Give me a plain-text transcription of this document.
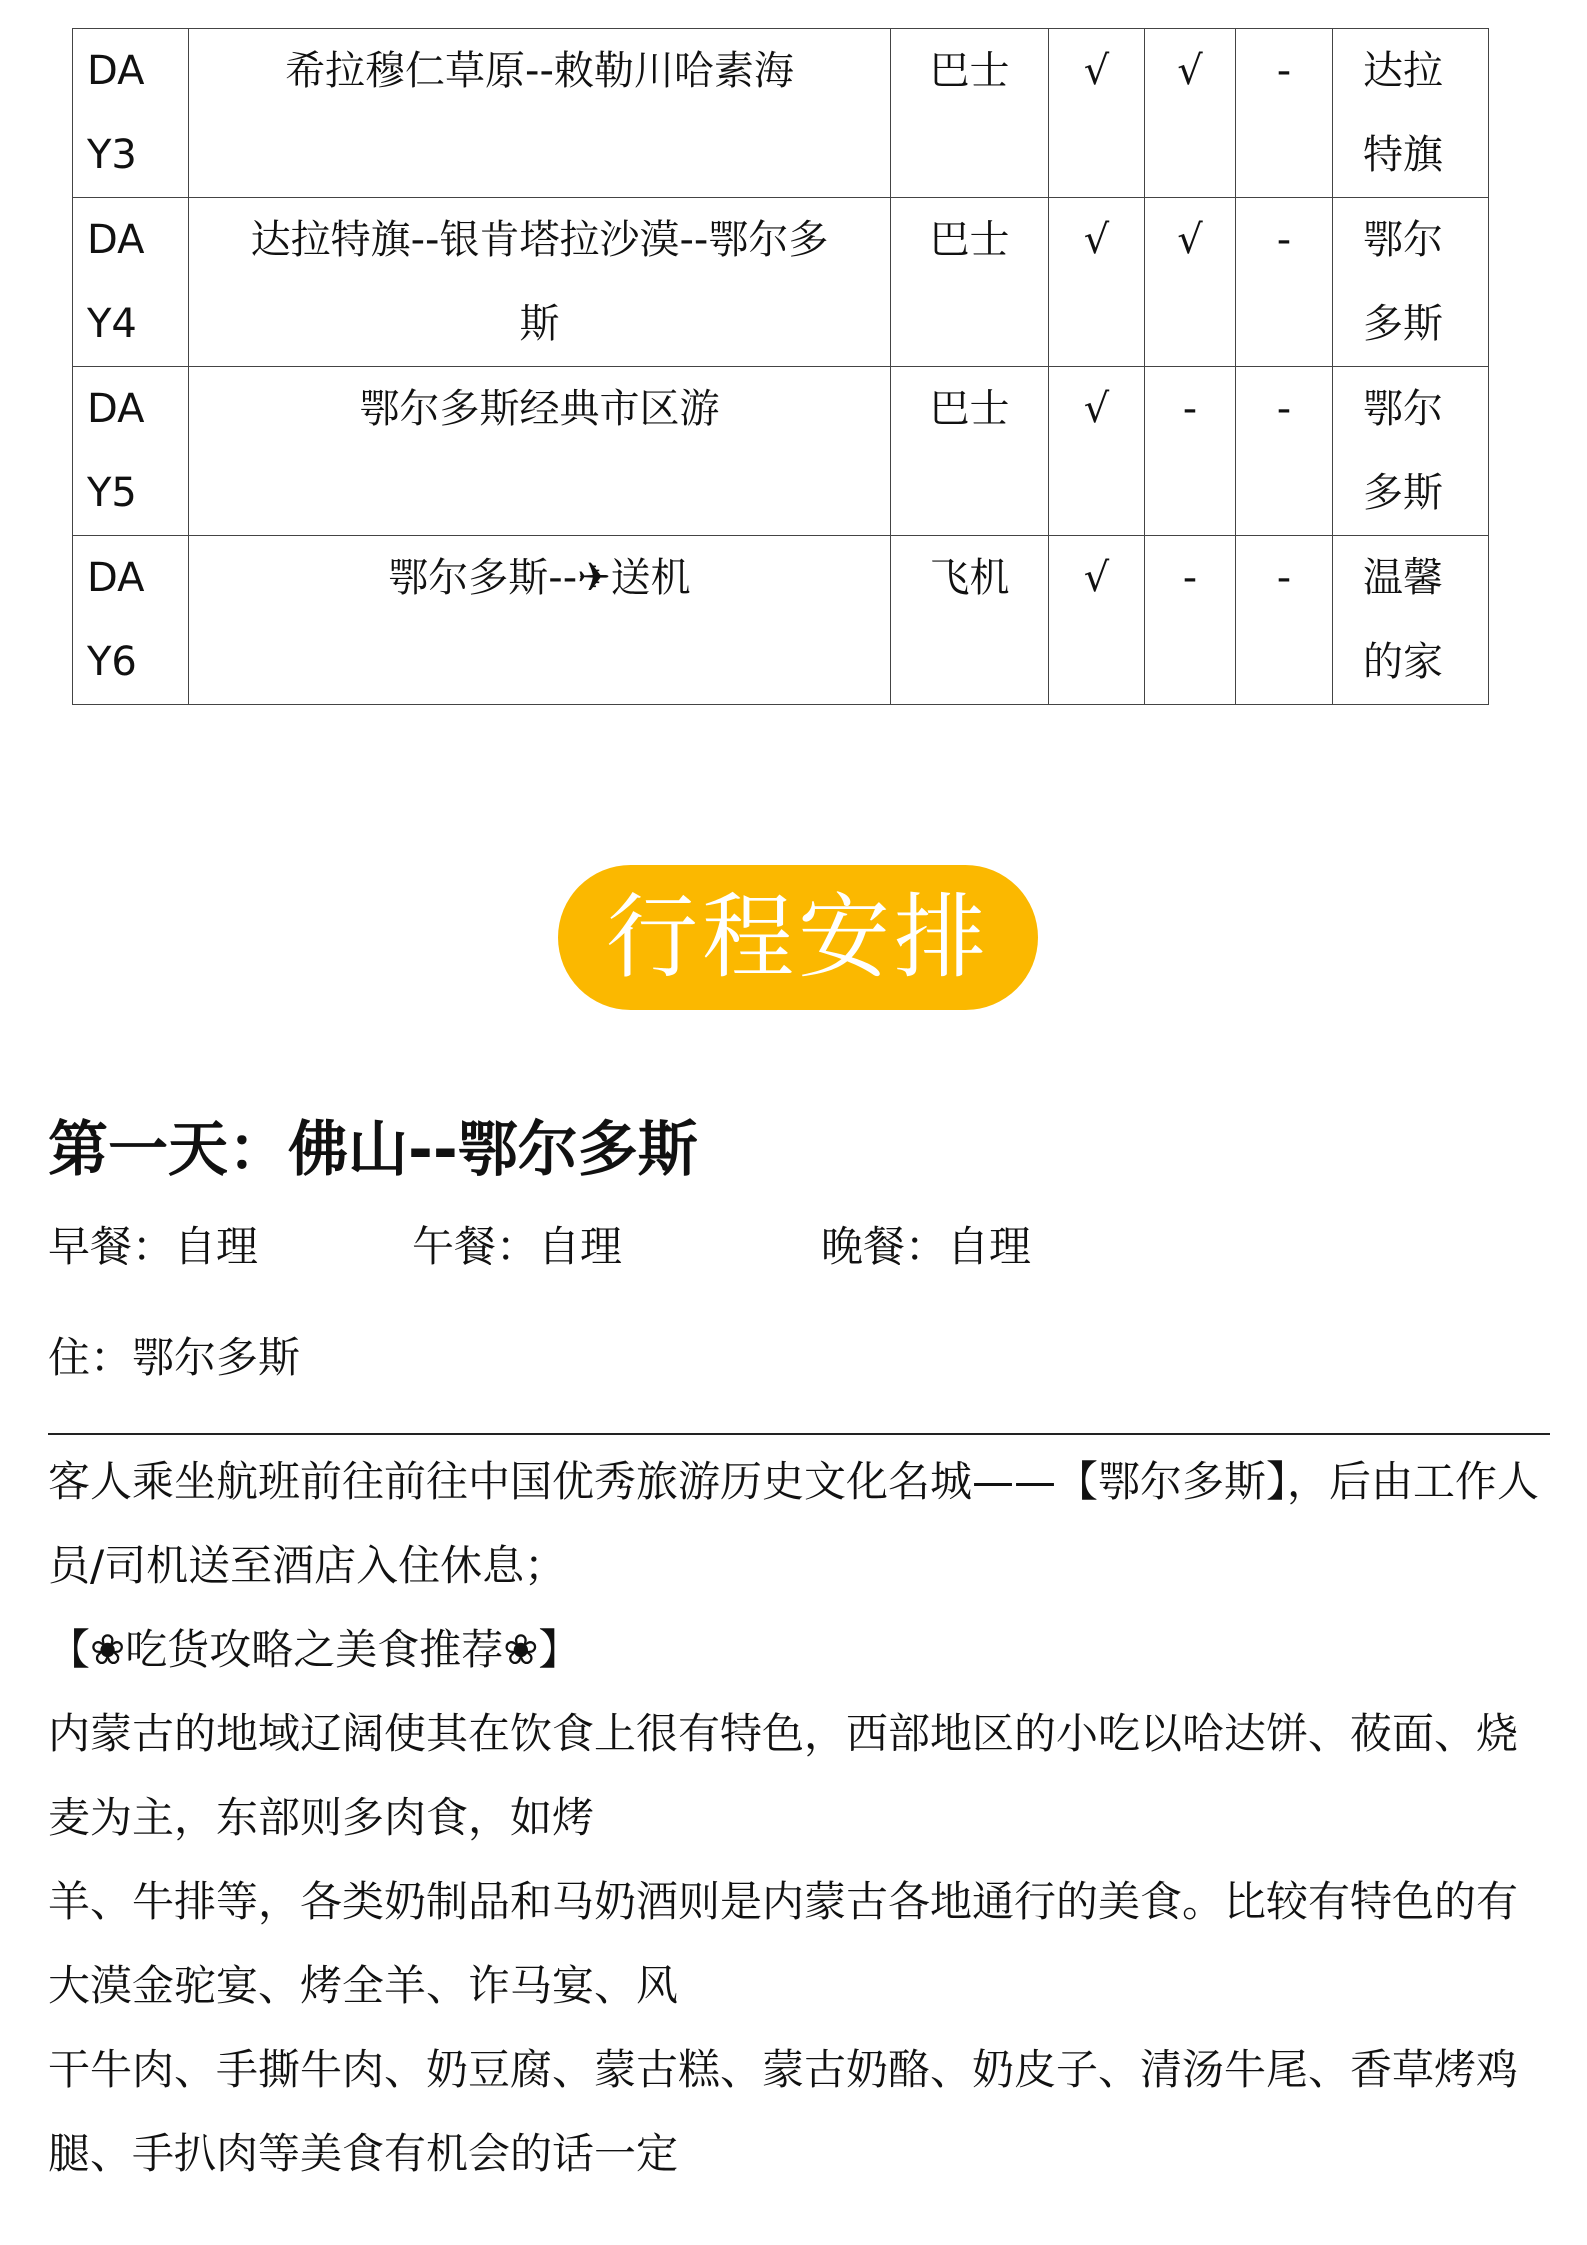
DA
Y3	希拉穆仁草原--敕勒川哈素海	巴士	√	√	-	达拉
特旗
DA
Y4	达拉特旗--银肯塔拉沙漠--鄂尔多
斯	巴士	√	√	-	鄂尔
多斯
DA
Y5	鄂尔多斯经典市区游	巴士	√	-	-	鄂尔
多斯
DA
Y6	鄂尔多斯--✈送机	飞机	√	-	-	温馨
的家
行程安排
第一天：佛山--鄂尔多斯
早餐：自理	午餐：自理	晚餐：自理
住：鄂尔多斯

客人乘坐航班前往前往中国优秀旅游历史文化名城——【鄂尔多斯】，后由工作人员/司机送至酒店入住休息；

【❀吃货攻略之美食推荐❀】

内蒙古的地域辽阔使其在饮食上很有特色，西部地区的小吃以哈达饼、莜面、烧麦为主，东部则多肉食，如烤

羊、牛排等，各类奶制品和马奶酒则是内蒙古各地通行的美食。比较有特色的有大漠金驼宴、烤全羊、诈马宴、风

干牛肉、手撕牛肉、奶豆腐、蒙古糕、蒙古奶酪、奶皮子、清汤牛尾、香草烤鸡腿、手扒肉等美食有机会的话一定
